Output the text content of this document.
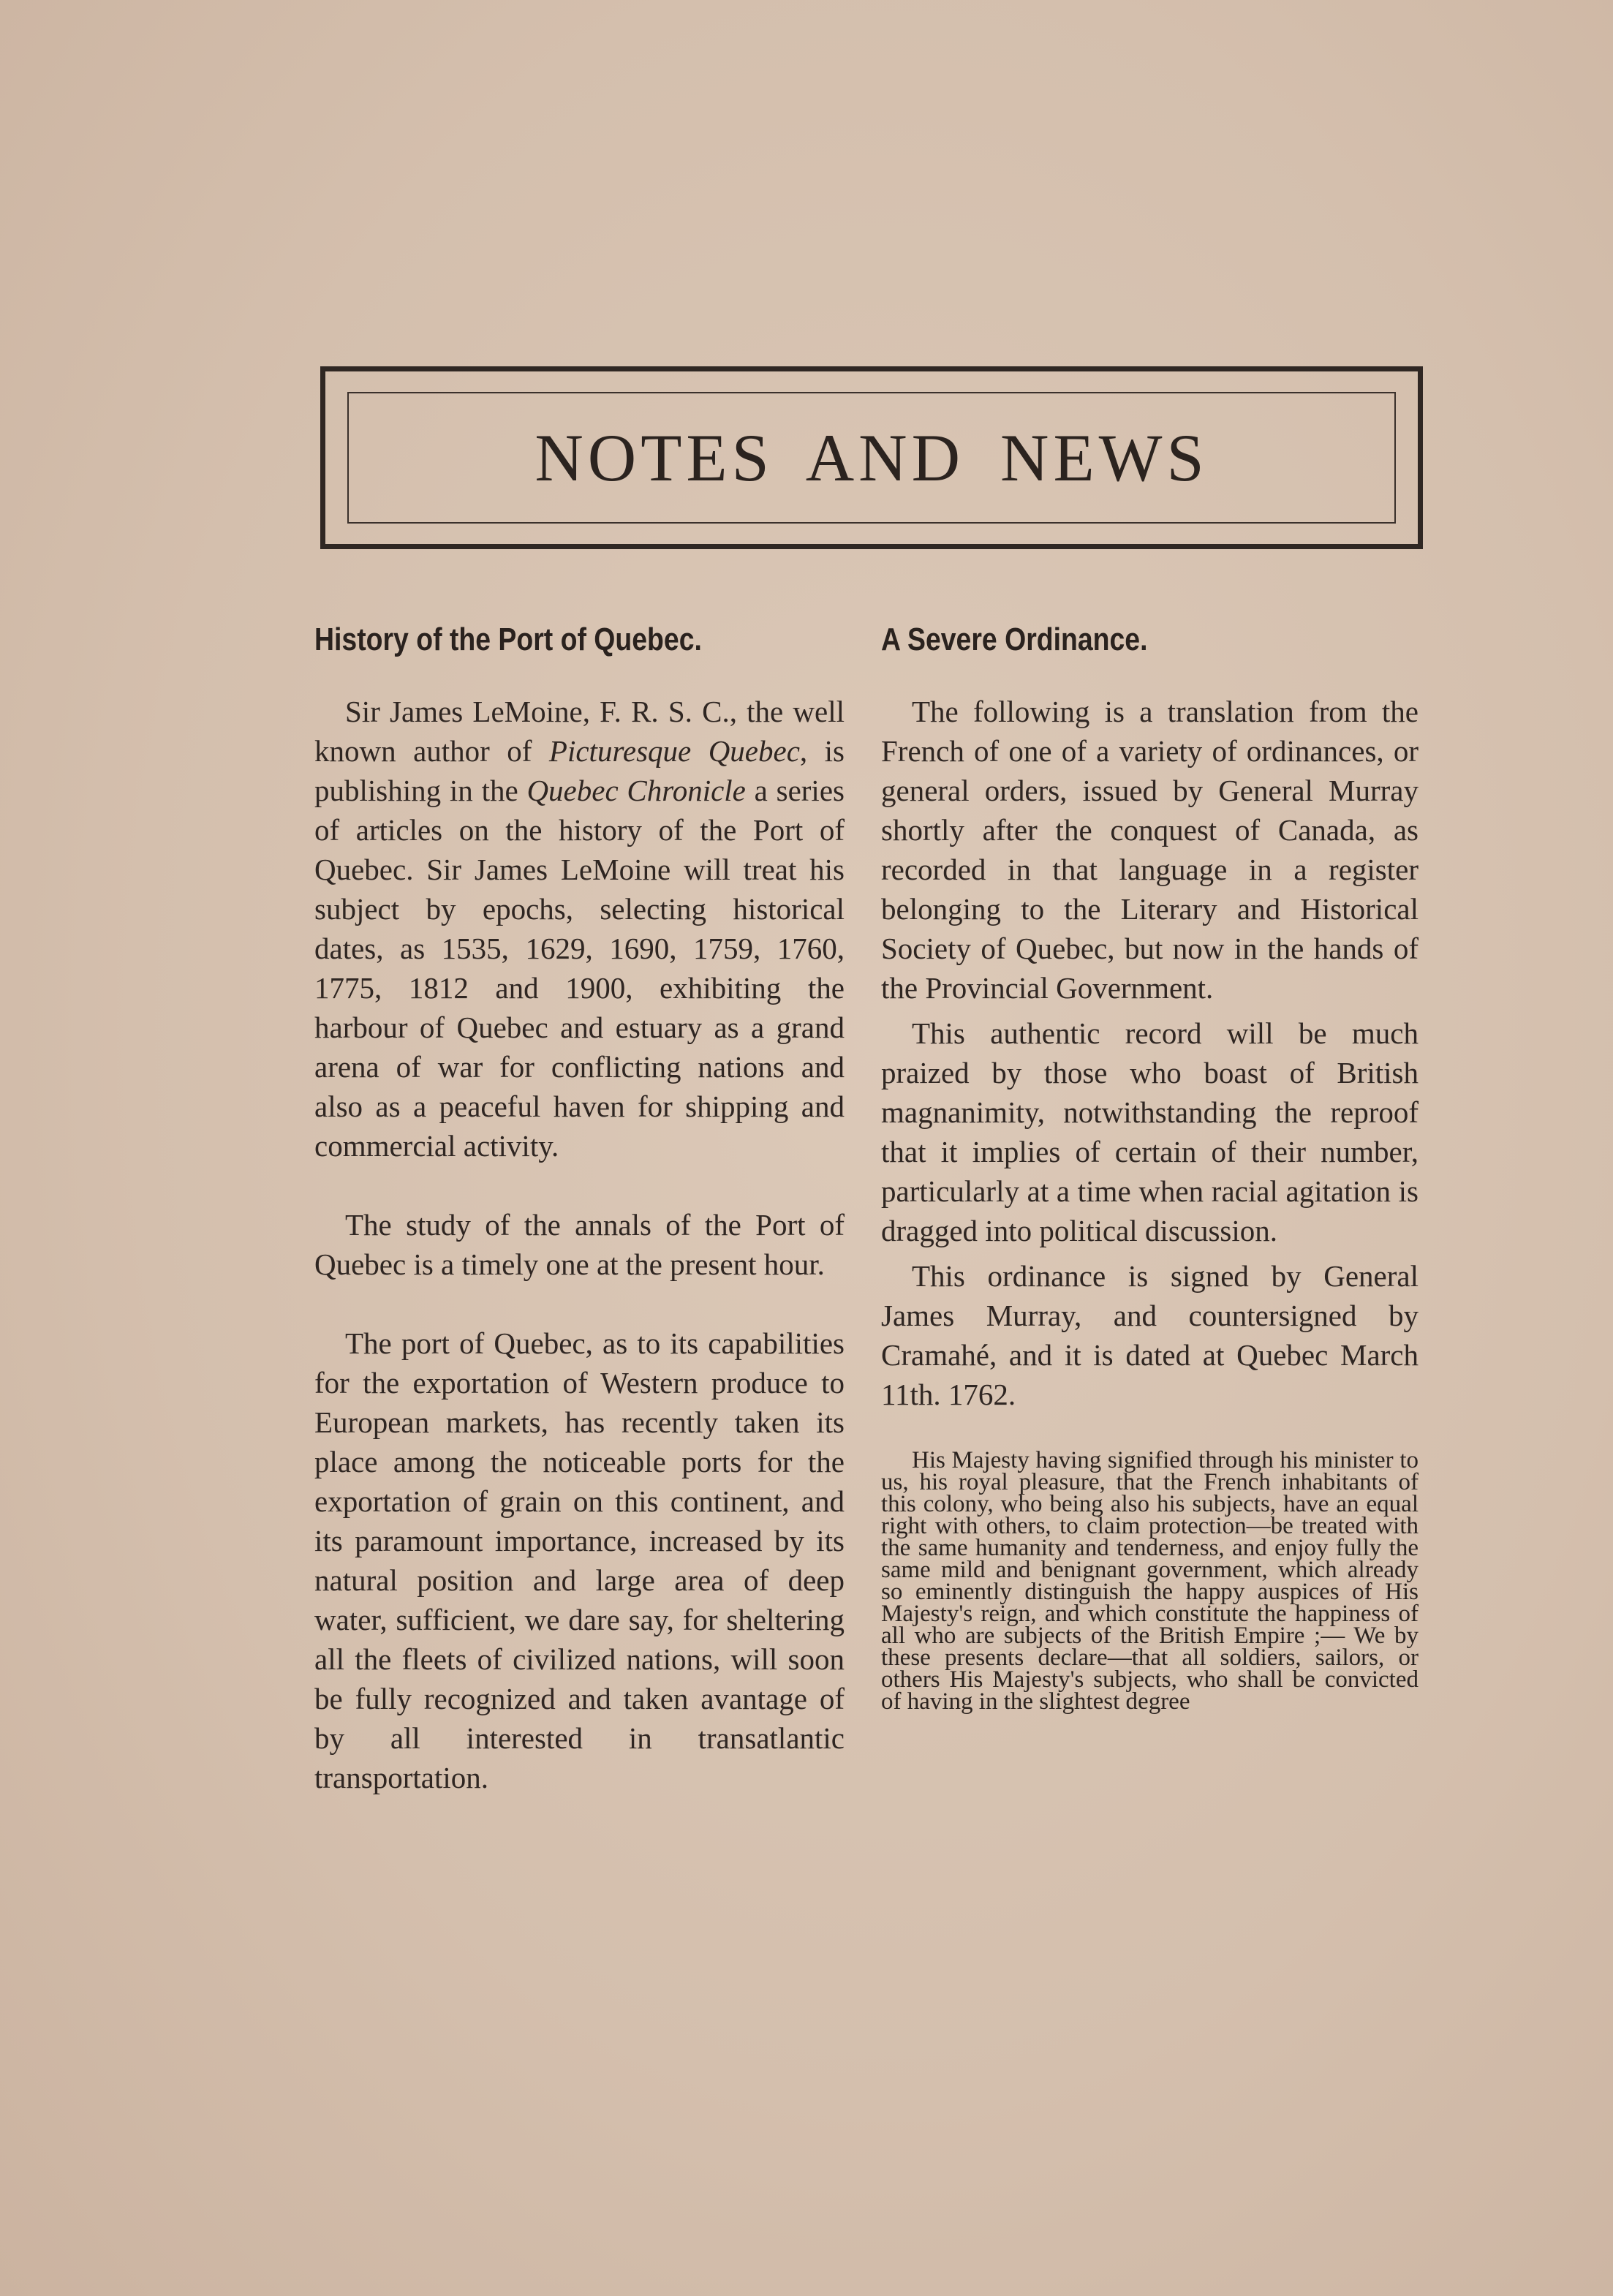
NOTES AND NEWS
History of the Port of Quebec.

Sir James LeMoine, F. R. S. C., the well known author of Picturesque Quebec, is publishing in the Quebec Chronicle a series of articles on the history of the Port of Quebec. Sir James LeMoine will treat his subject by epochs, selecting historical dates, as 1535, 1629, 1690, 1759, 1760, 1775, 1812 and 1900, exhibiting the harbour of Quebec and estuary as a grand arena of war for conflicting nations and also as a peaceful haven for shipping and commercial activity.

The study of the annals of the Port of Quebec is a timely one at the present hour.

The port of Quebec, as to its capabilities for the exportation of Western produce to European markets, has recently taken its place among the noticeable ports for the exportation of grain on this continent, and its paramount importance, increased by its natural position and large area of deep water, sufficient, we dare say, for sheltering all the fleets of civilized nations, will soon be fully recognized and taken avantage of by all interested in transatlantic transportation.

A Severe Ordinance.

The following is a translation from the French of one of a variety of ordinances, or general orders, issued by General Murray shortly after the conquest of Canada, as recorded in that language in a register belonging to the Literary and Historical Society of Quebec, but now in the hands of the Provincial Government.

This authentic record will be much praized by those who boast of British magnanimity, notwithstanding the reproof that it implies of certain of their number, particularly at a time when racial agitation is dragged into political discussion.

This ordinance is signed by General James Murray, and countersigned by Cramahé, and it is dated at Quebec March 11th. 1762.

His Majesty having signified through his minister to us, his royal pleasure, that the French inhabitants of this colony, who being also his subjects, have an equal right with others, to claim protection—be treated with the same humanity and tenderness, and enjoy fully the same mild and benignant government, which already so eminently distinguish the happy auspices of His Majesty's reign, and which constitute the happiness of all who are subjects of the British Empire ;— We by these presents declare—that all soldiers, sailors, or others His Majesty's subjects, who shall be convicted of having in the slightest degree
